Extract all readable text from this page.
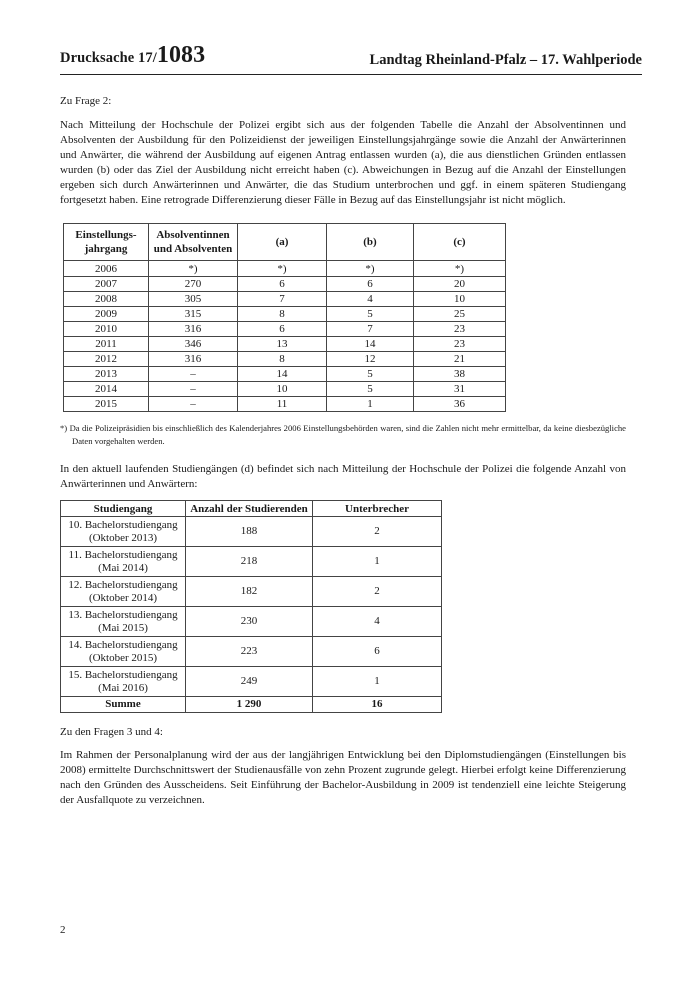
Drucksache 17/1083	Landtag Rheinland-Pfalz – 17. Wahlperiode

Zu Frage 2:

Nach Mitteilung der Hochschule der Polizei ergibt sich aus der folgenden Tabelle die Anzahl der Absolventinnen und Absolventen der Ausbildung für den Polizeidienst der jeweiligen Einstellungsjahrgänge sowie die Anzahl der Anwärterinnen und Anwärter, die während der Ausbildung auf eigenen Antrag entlassen wurden (a), die aus dienstlichen Gründen entlassen wurden (b) oder das Ziel der Ausbildung nicht erreicht haben (c). Abweichungen in Bezug auf die Anzahl der Einstellungen ergeben sich durch Anwärterinnen und Anwärter, die das Studium unterbrochen und ggf. in einem späteren Studiengang fortgesetzt haben. Eine retrograde Differenzierung dieser Fälle in Bezug auf das Einstellungsjahr ist nicht möglich.

Einstellungs-
jahrgang	Absolventinnen
und Absolventen	(a)	(b)	(c)
2006	*)	*)	*)	*)
2007	270	6	6	20
2008	305	7	4	10
2009	315	8	5	25
2010	316	6	7	23
2011	346	13	14	23
2012	316	8	12	21
2013	–	14	5	38
2014	–	10	5	31
2015	–	11	1	36

*) Da die Polizeipräsidien bis einschließlich des Kalenderjahres 2006 Einstellungsbehörden waren, sind die Zahlen nicht mehr ermittelbar, da keine diesbezügliche Daten vorgehalten werden.

In den aktuell laufenden Studiengängen (d) befindet sich nach Mitteilung der Hochschule der Polizei die folgende Anzahl von Anwärterinnen und Anwärtern:

Studiengang	Anzahl der Studierenden	Unterbrecher
10. Bachelorstudiengang
(Oktober 2013)	188	2
11. Bachelorstudiengang
(Mai 2014)	218	1
12. Bachelorstudiengang
(Oktober 2014)	182	2
13. Bachelorstudiengang
(Mai 2015)	230	4
14. Bachelorstudiengang
(Oktober 2015)	223	6
15. Bachelorstudiengang
(Mai 2016)	249	1
Summe	1 290	16

Zu den Fragen 3 und 4:

Im Rahmen der Personalplanung wird der aus der langjährigen Entwicklung bei den Diplomstudiengängen (Einstellungen bis 2008) ermittelte Durchschnittswert der Studienausfälle von zehn Prozent zugrunde gelegt. Hierbei erfolgt keine Differenzierung nach den Gründen des Ausscheidens. Seit Einführung der Bachelor-Ausbildung in 2009 ist tendenziell eine leichte Steigerung der Ausfallquote zu verzeichnen.

2
